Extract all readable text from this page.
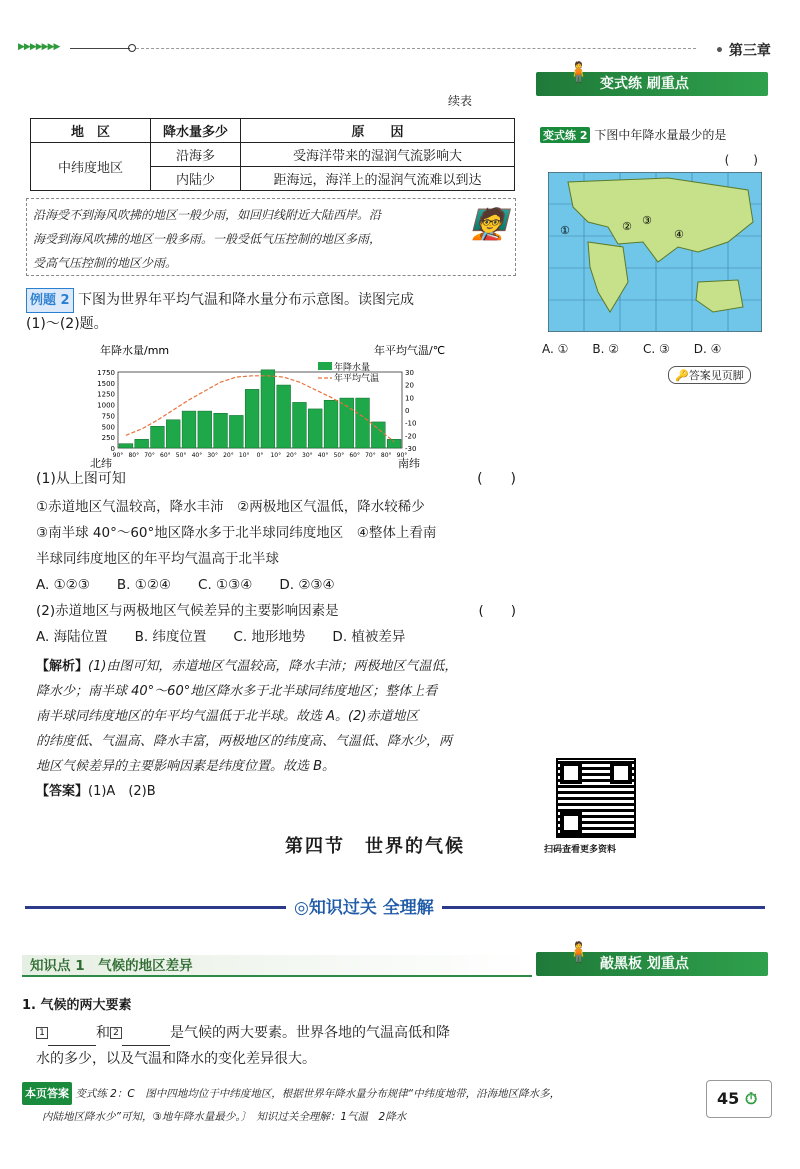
▶▶▶▶▶▶▶	• 第三章
🧍 变式练 刷重点
续表
地　区	降水量多少	原　　因
中纬度地区	沿海多	受海洋带来的湿润气流影响大
	内陆少	距海远，海洋上的湿润气流难以到达
沿海受不到海风吹拂的地区一般少雨，如回归线附近大陆西岸。沿
海受到海风吹拂的地区一般多雨。一般受低气压控制的地区多雨，
受高气压控制的地区少雨。
🧑‍🏫
例题 2 下图为世界年平均气温和降水量分布示意图。读图完成
(1)～(2)题。
年降水量/mm	年平均气温/℃
1750
1500
1250
1000
750
500
250
0
30
20
10
0
-10
-20
-30
90° 80° 70° 60° 50° 40° 30° 20° 10° 0° 10° 20° 30° 40° 50° 60° 70° 80° 90°
年降水量
年平均气温
北纬	南纬
(1)从上图可知	(　　)
①赤道地区气温较高，降水丰沛　②两极地区气温低，降水较稀少
③南半球 40°～60°地区降水多于北半球同纬度地区　④整体上看南
半球同纬度地区的年平均气温高于北半球
A. ①②③　　B. ①②④　　C. ①③④　　D. ②③④
(2)赤道地区与两极地区气候差异的主要影响因素是	(　　)
A. 海陆位置　　B. 纬度位置　　C. 地形地势　　D. 植被差异
【解析】(1)由图可知，赤道地区气温较高，降水丰沛；两极地区气温低，
降水少；南半球 40°～60°地区降水多于北半球同纬度地区；整体上看
南半球同纬度地区的年平均气温低于北半球。故选 A。(2)赤道地区
的纬度低、气温高、降水丰富，两极地区的纬度高、气温低、降水少，两
地区气候差异的主要影响因素是纬度位置。故选 B。
【答案】(1)A　(2)B
变式练 2 下图中年降水量最少的是
(　　)
①	② ③
④
A. ①　　B. ②　　C. ③　　D. ④
🔑答案见页脚
扫码查看更多资料
第四节　世界的气候
◎知识过关 全理解
知识点 1　气候的地区差异
🧍 敲黑板 划重点
1. 气候的两大要素
1	和 2	是气候的两大要素。世界各地的气温高低和降
水的多少，以及气温和降水的变化差异很大。
本页答案 变式练 2：C　图中四地均位于中纬度地区，根据世界年降水量分布规律“中纬度地带，沿海地区降水多，
内陆地区降水少”可知，③地年降水量最少。〕　知识过关全理解：1气温　2降水
45 ⏱
